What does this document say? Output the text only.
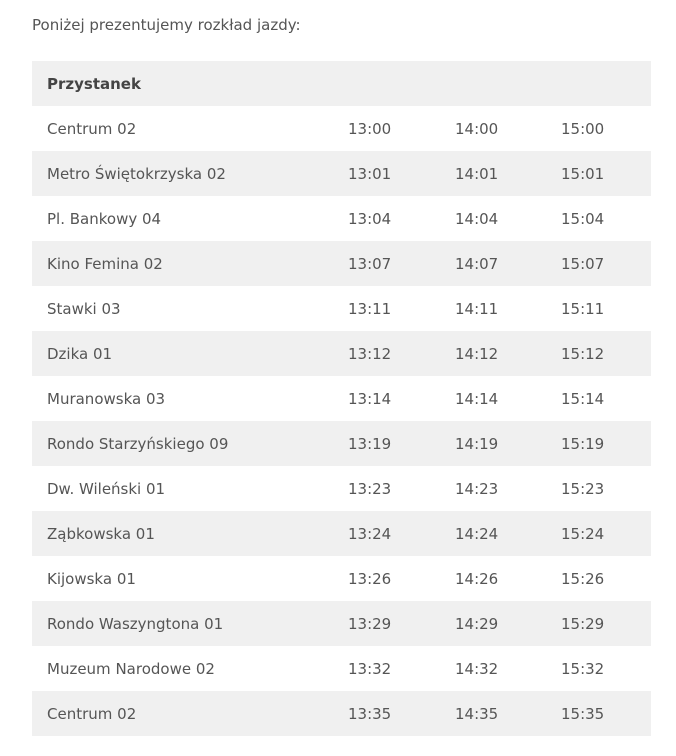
Poniżej prezentujemy rozkład jazdy:

Przystanek			
Centrum 02	13:00	14:00	15:00
Metro Świętokrzyska 02	13:01	14:01	15:01
Pl. Bankowy 04	13:04	14:04	15:04
Kino Femina 02	13:07	14:07	15:07
Stawki 03	13:11	14:11	15:11
Dzika 01	13:12	14:12	15:12
Muranowska 03	13:14	14:14	15:14
Rondo Starzyńskiego 09	13:19	14:19	15:19
Dw. Wileński 01	13:23	14:23	15:23
Ząbkowska 01	13:24	14:24	15:24
Kijowska 01	13:26	14:26	15:26
Rondo Waszyngtona 01	13:29	14:29	15:29
Muzeum Narodowe 02	13:32	14:32	15:32
Centrum 02	13:35	14:35	15:35
